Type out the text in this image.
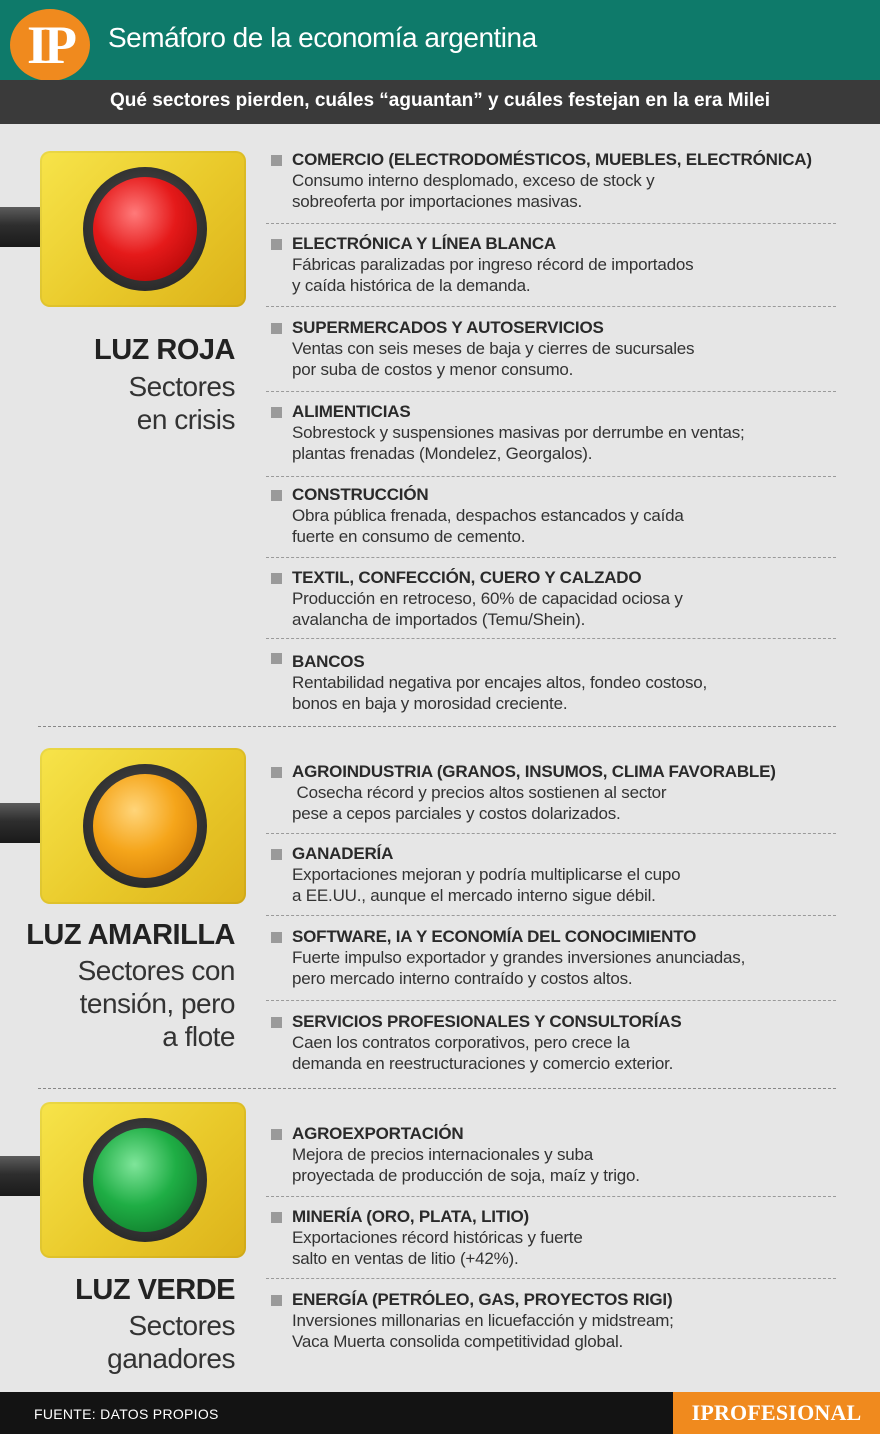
IP	Semáforo de la economía argentina
Qué sectores pierden, cuáles “aguantan” y cuáles festejan en la era Milei
LUZ ROJA
Sectores
en crisis
COMERCIO (ELECTRODOMÉSTICOS, MUEBLES, ELECTRÓNICA)
Consumo interno desplomado, exceso de stock y
sobreoferta por importaciones masivas.
ELECTRÓNICA Y LÍNEA BLANCA
Fábricas paralizadas por ingreso récord de importados
y caída histórica de la demanda.
SUPERMERCADOS Y AUTOSERVICIOS
Ventas con seis meses de baja y cierres de sucursales
por suba de costos y menor consumo.
ALIMENTICIAS
Sobrestock y suspensiones masivas por derrumbe en ventas;
plantas frenadas (Mondelez, Georgalos).
CONSTRUCCIÓN
Obra pública frenada, despachos estancados y caída
fuerte en consumo de cemento.
TEXTIL, CONFECCIÓN, CUERO Y CALZADO
Producción en retroceso, 60% de capacidad ociosa y
avalancha de importados (Temu/Shein).
BANCOS
Rentabilidad negativa por encajes altos, fondeo costoso,
bonos en baja y morosidad creciente.
LUZ AMARILLA
Sectores con
tensión, pero
a flote
AGROINDUSTRIA (GRANOS, INSUMOS, CLIMA FAVORABLE)
Cosecha récord y precios altos sostienen al sector
pese a cepos parciales y costos dolarizados.
GANADERÍA
Exportaciones mejoran y podría multiplicarse el cupo
a EE.UU., aunque el mercado interno sigue débil.
SOFTWARE, IA Y ECONOMÍA DEL CONOCIMIENTO
Fuerte impulso exportador y grandes inversiones anunciadas,
pero mercado interno contraído y costos altos.
SERVICIOS PROFESIONALES Y CONSULTORÍAS
Caen los contratos corporativos, pero crece la
demanda en reestructuraciones y comercio exterior.
LUZ VERDE
Sectores
ganadores
AGROEXPORTACIÓN
Mejora de precios internacionales y suba
proyectada de producción de soja, maíz y trigo.
MINERÍA (ORO, PLATA, LITIO)
Exportaciones récord históricas y fuerte
salto en ventas de litio (+42%).
ENERGÍA (PETRÓLEO, GAS, PROYECTOS RIGI)
Inversiones millonarias en licuefacción y midstream;
Vaca Muerta consolida competitividad global.
FUENTE: DATOS PROPIOS	IPROFESIONAL
